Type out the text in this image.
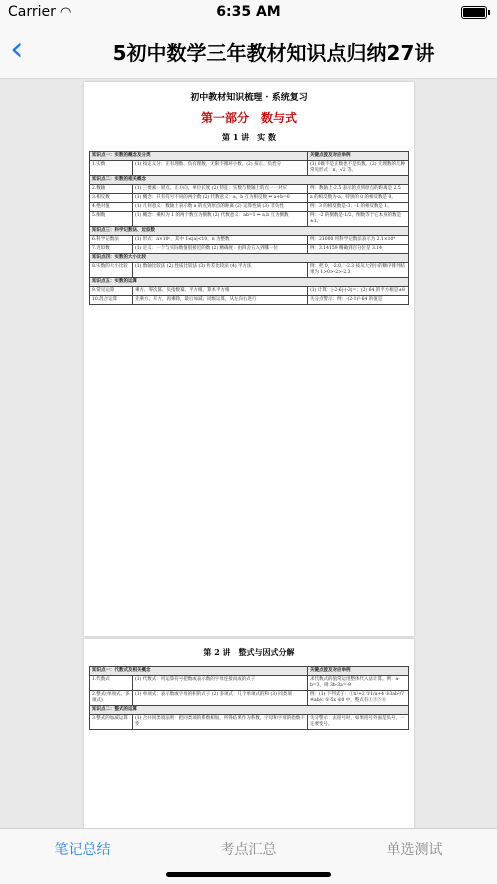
Carrier ◠	6:35 AM
‹	5初中数学三年教材知识点归纳27讲
初中教材知识梳理 · 系统复习
第一部分　数与式
第 1 讲　实 数
知识点一：实数的概念及分类		关键点拨及对应举例
1.实数	(1) 按定义分：正有理数、负有理数、无限不循环小数。(2) 按正、负性分	(1) 0既不是正数也不是负数。(2) 无理数的几种常见形式：π、√2 等。
知识点二：实数的相关概念		
2.数轴	(1) 三要素：原点、正方向、单位长度 (2) 特征：实数与数轴上的点一一对应	例：数轴上-2.5 表示的点到原点的距离是 2.5
3.相反数	(1) 概念：只有符号不同的两个数 (2) 代数意义：a、b 互为相反数 ⇔ a+b=0	a 的相反数为-a，特别的 0 的相反数是 0。
4.绝对值	(1) 几何意义：数轴上表示数 a 的点到原点的距离 (2) 运算性质 (3) 非负性	例：3 的相反数是-3；-1 的相反数是 1。
5.倒数	(1) 概念：乘积为 1 的两个数互为倒数 (2) 代数意义：ab=1 ⇔ a,b 互为倒数	例：-2 的倒数是-1/2，倒数等于它本身的数是 ±1。
知识点三：科学记数法、近似数		
6.科学记数法	(1) 形式：a×10ⁿ，其中 1≤|a|<10，n 为整数	例：21000 用科学记数法表示为 2.1×10⁴
7.近似数	(1) 定义：一个与实际数值很接近的数 (2) 精确度：由四舍五入到哪一位	例：3.14159 精确到百分位是 3.14
知识点四：实数的大小比较		
8.实数的大小比较	(1) 数轴比较法 (2) 性质比较法 (3) 作差比较法 (4) 平方法	例：把 0，-2.0，-2.3 按从大到小的顺序排列结果为 1>0>-2>-2.3
知识点五：实数的运算		
9.常见运算	乘方、零次幂、负指数幂、平方根、算术平方根	(1) 计算：|-2-6|-(-3)=；(2) 64 的平方根是±8
10.混合运算	先乘方、开方，再乘除，最后加减；同级运算，从左向右进行	失分点警示：例：-(2-1)²-64 的值是
第 2 讲　整式与因式分解
知识点一：代数式及相关概念		关键点拨及对应举例
1.代数式	(1) 代数式：用运算符号把数或表示数的字母连接而成的式子	求代数式的值常运用整体代入法计算。例：a-b=3，则 3b-3a=-9
2.整式(单项式、多项式)	(1) 单项式：表示数或字母的积的式子 (2) 多项式：几个单项式的和 (3) 同类项	例：(1) 下列式子：①x²+2 ②1/a+4 ③3ab²/7 ④ab/c ⑤-5x ⑥0 中，整式有①③⑤⑥
知识点二：整式的运算		
3.整式的加减运算	(1) 合并同类项法则：把同类项的系数相加，所得结果作为系数，字母和字母的指数不变	失分警示：去括号时，如果括号外面是负号，一定要变号。
笔记总结	考点汇总	单选测试
